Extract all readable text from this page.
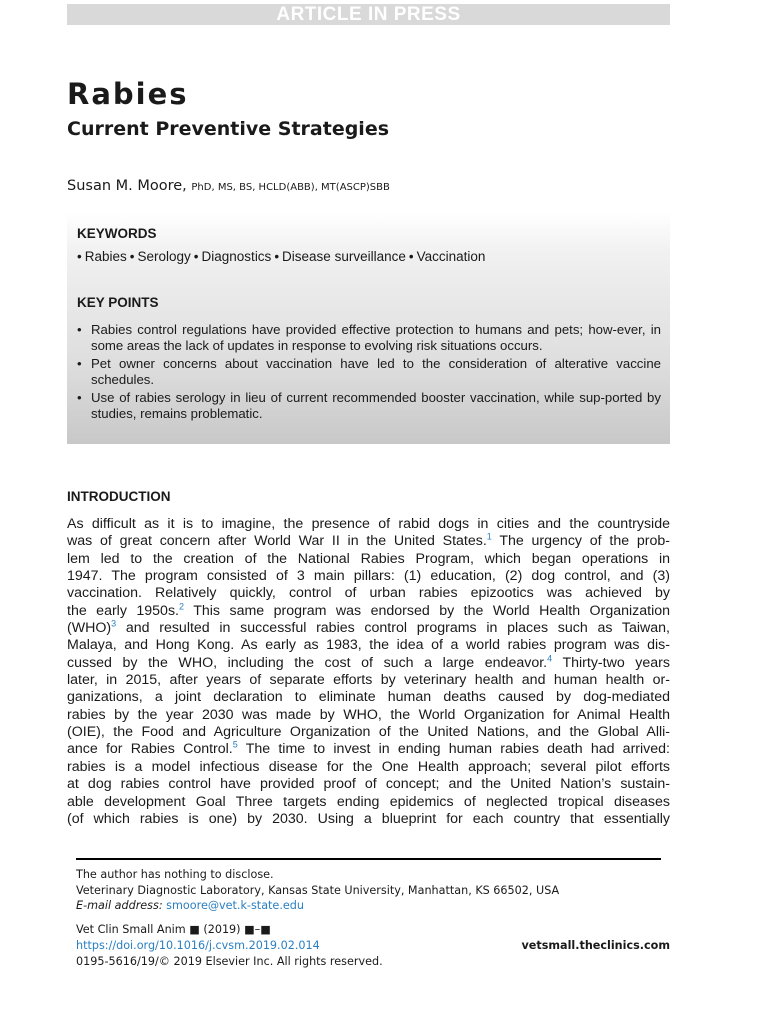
ARTICLE IN PRESS
Rabies
Current Preventive Strategies
Susan M. Moore, PhD, MS, BS, HCLD(ABB), MT(ASCP)SBB

KEYWORDS

• Rabies • Serology • Diagnostics • Disease surveillance • Vaccination

KEY POINTS

• Rabies control regulations have provided effective protection to humans and pets; how-ever, in some areas the lack of updates in response to evolving risk situations occurs.
• Pet owner concerns about vaccination have led to the consideration of alterative vaccine schedules.
• Use of rabies serology in lieu of current recommended booster vaccination, while sup-ported by studies, remains problematic.
INTRODUCTION
As difficult as it is to imagine, the presence of rabid dogs in cities and the countryside
was of great concern after World War II in the United States.$^1$ The urgency of the prob-
lem led to the creation of the National Rabies Program, which began operations in
1947. The program consisted of 3 main pillars: (1) education, (2) dog control, and (3)
vaccination. Relatively quickly, control of urban rabies epizootics was achieved by
the early 1950s.$^2$ This same program was endorsed by the World Health Organization
(WHO)$^3$ and resulted in successful rabies control programs in places such as Taiwan,
Malaya, and Hong Kong. As early as 1983, the idea of a world rabies program was dis-
cussed by the WHO, including the cost of such a large endeavor.$^4$ Thirty-two years
later, in 2015, after years of separate efforts by veterinary health and human health or-
ganizations, a joint declaration to eliminate human deaths caused by dog-mediated
rabies by the year 2030 was made by WHO, the World Organization for Animal Health
(OIE), the Food and Agriculture Organization of the United Nations, and the Global Alli-
ance for Rabies Control.$^5$ The time to invest in ending human rabies death had arrived:
rabies is a model infectious disease for the One Health approach; several pilot efforts
at dog rabies control have provided proof of concept; and the United Nation’s sustain-
able development Goal Three targets ending epidemics of neglected tropical diseases
(of which rabies is one) by 2030. Using a blueprint for each country that essentially

The author has nothing to disclose.

Veterinary Diagnostic Laboratory, Kansas State University, Manhattan, KS 66502, USA

E-mail address: smoore@vet.k-state.edu

Vet Clin Small Anim ■ (2019) ■–■

https://doi.org/10.1016/j.cvsm.2019.02.014

0195-5616/19/© 2019 Elsevier Inc. All rights reserved.

vetsmall.theclinics.com
